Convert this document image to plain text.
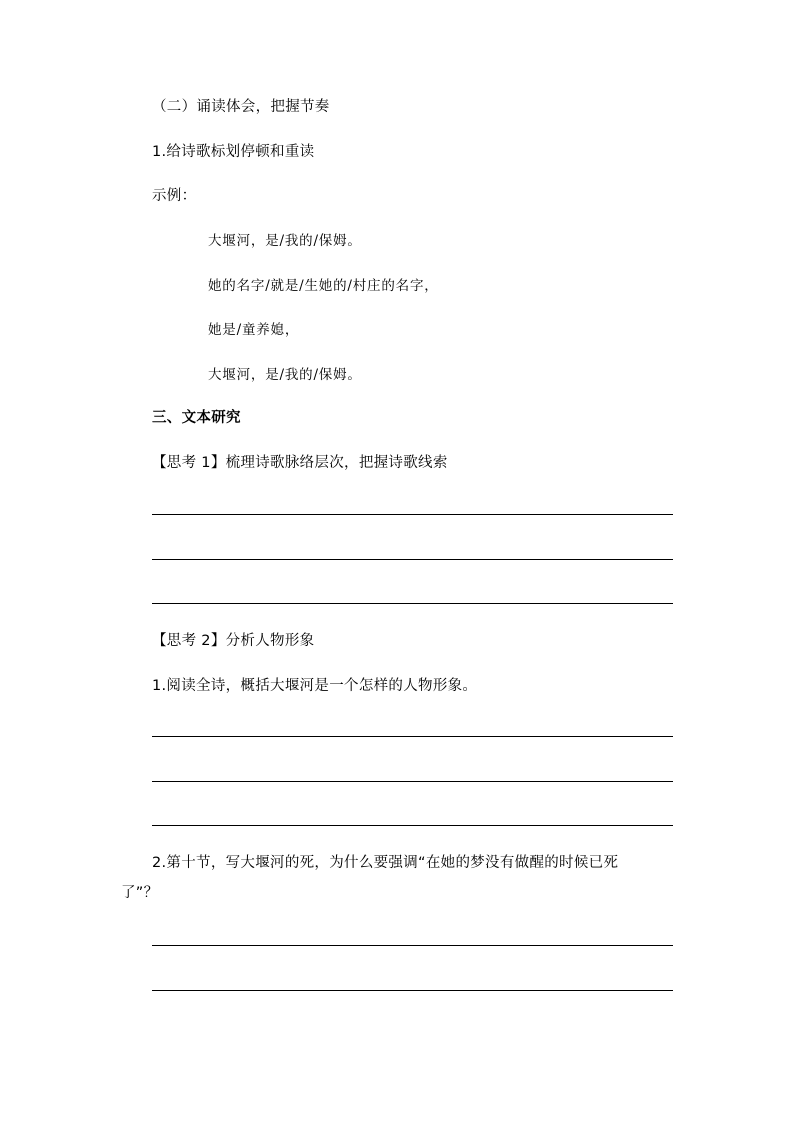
（二）诵读体会，把握节奏
1.给诗歌标划停顿和重读
示例：
大堰河，是/我的/保姆。
她的名字/就是/生她的/村庄的名字，
她是/童养媳，
大堰河，是/我的/保姆。
三、文本研究
【思考 1】梳理诗歌脉络层次，把握诗歌线索
【思考 2】分析人物形象
1.阅读全诗，概括大堰河是一个怎样的人物形象。
2.第十节，写大堰河的死，为什么要强调“在她的梦没有做醒的时候已死
了”？
